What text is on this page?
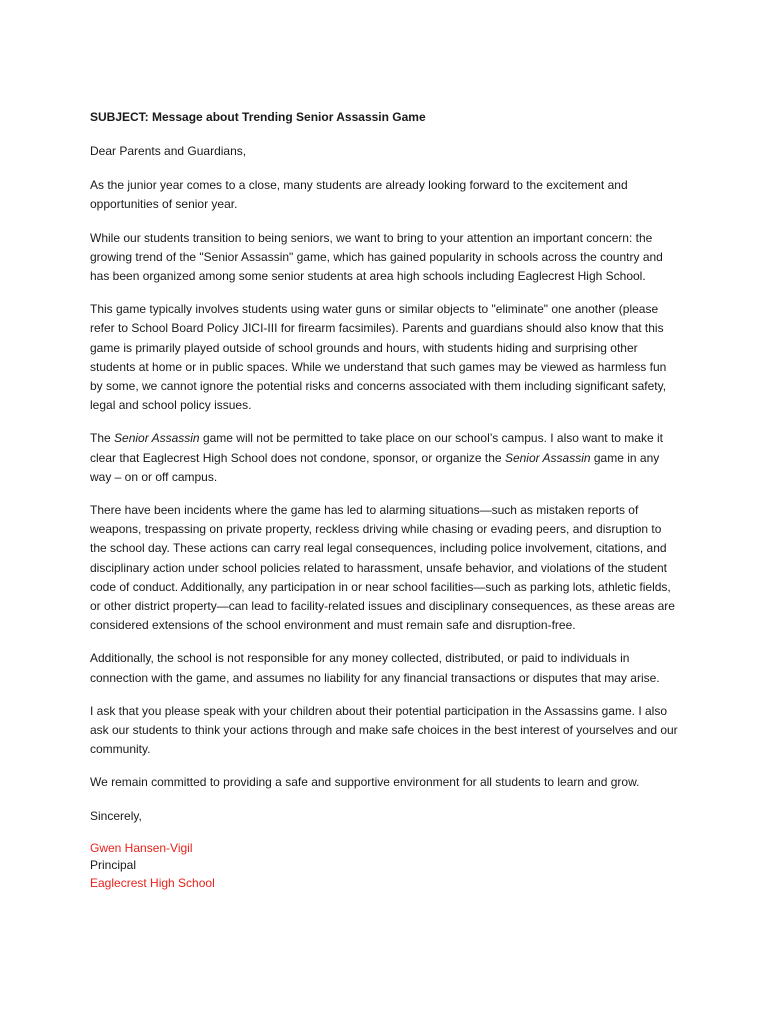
SUBJECT: Message about Trending Senior Assassin Game

Dear Parents and Guardians,

As the junior year comes to a close, many students are already looking forward to the excitement and opportunities of senior year.

While our students transition to being seniors, we want to bring to your attention an important concern: the growing trend of the "Senior Assassin" game, which has gained popularity in schools across the country and has been organized among some senior students at area high schools including Eaglecrest High School.

This game typically involves students using water guns or similar objects to "eliminate" one another (please refer to School Board Policy JICI-III for firearm facsimiles). Parents and guardians should also know that this game is primarily played outside of school grounds and hours, with students hiding and surprising other students at home or in public spaces. While we understand that such games may be viewed as harmless fun by some, we cannot ignore the potential risks and concerns associated with them including significant safety, legal and school policy issues.

The Senior Assassin game will not be permitted to take place on our school’s campus. I also want to make it clear that Eaglecrest High School does not condone, sponsor, or organize the Senior Assassin game in any way – on or off campus.

There have been incidents where the game has led to alarming situations—such as mistaken reports of weapons, trespassing on private property, reckless driving while chasing or evading peers, and disruption to the school day. These actions can carry real legal consequences, including police involvement, citations, and disciplinary action under school policies related to harassment, unsafe behavior, and violations of the student code of conduct. Additionally, any participation in or near school facilities—such as parking lots, athletic fields, or other district property—can lead to facility-related issues and disciplinary consequences, as these areas are considered extensions of the school environment and must remain safe and disruption-free.

Additionally, the school is not responsible for any money collected, distributed, or paid to individuals in connection with the game, and assumes no liability for any financial transactions or disputes that may arise.

I ask that you please speak with your children about their potential participation in the Assassins game. I also ask our students to think your actions through and make safe choices in the best interest of yourselves and our community.

We remain committed to providing a safe and supportive environment for all students to learn and grow.

Sincerely,

Gwen Hansen-Vigil
Principal
Eaglecrest High School
